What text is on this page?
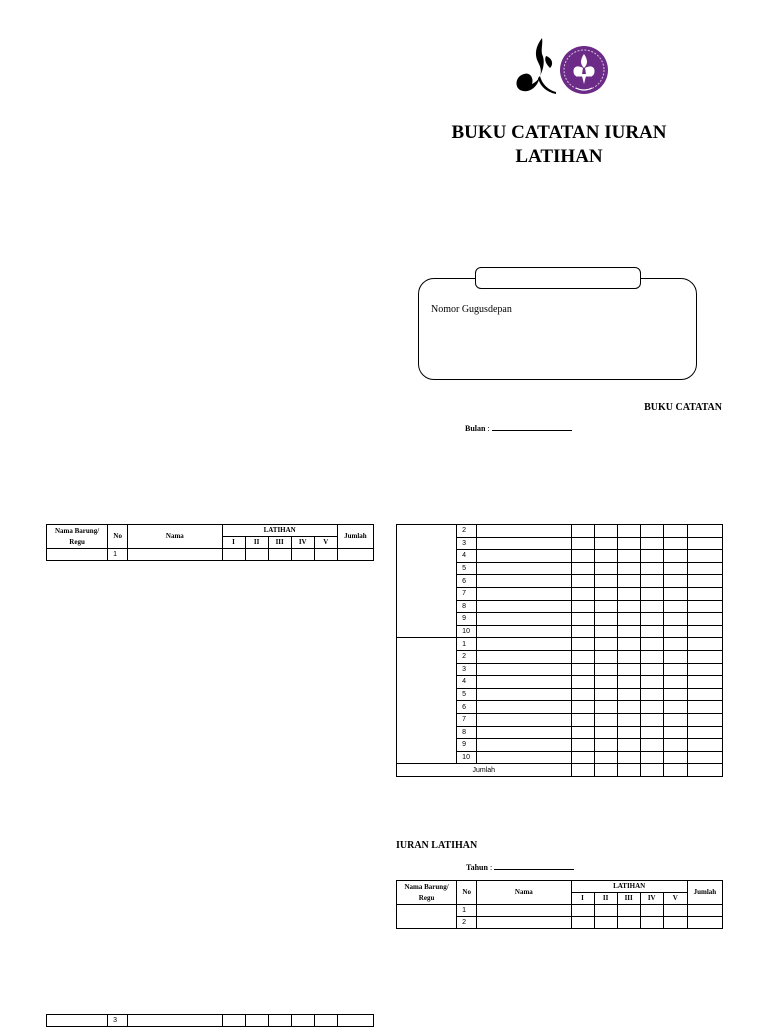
BUKU CATATAN IURAN
LATIHAN
Nomor Gugusdepan
BUKU CATATAN
Bulan :
Nama Barung/ Regu	No	Nama	LATIHAN					Jumlah
			I	II	III	IV	V	
	1							
	3							
	2							
	3							
	4							
	5							
	6							
	7							
	8							
	9							
	10							
	1							
	2							
	3							
	4							
	5							
	6							
	7							
	8							
	9							
	10							
Jumlah								
IURAN LATIHAN
Tahun :
Nama Barung/ Regu	No	Nama	LATIHAN					Jumlah
			I	II	III	IV	V	
	1							
	2							
